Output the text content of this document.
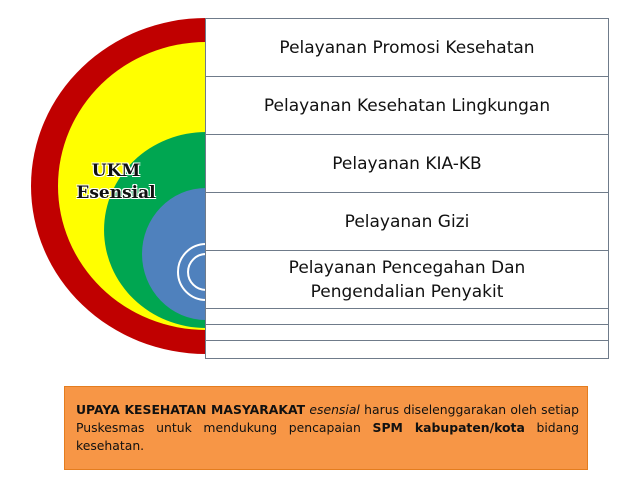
UKM
Esensial
Pelayanan Promosi Kesehatan
Pelayanan Kesehatan Lingkungan
Pelayanan KIA-KB
Pelayanan Gizi
Pelayanan Pencegahan Dan
Pengendalian Penyakit
UPAYA KESEHATAN MASYARAKAT esensial harus diselenggarakan oleh setiap Puskesmas untuk mendukung pencapaian SPM kabupaten/kota bidang kesehatan.
